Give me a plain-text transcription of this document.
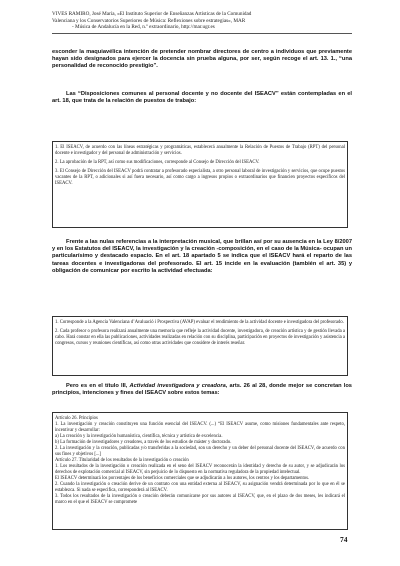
VIVES RAMIRO, José María, «El Instituto Superior de Enseñanzas Artísticas de la Comunidad
Valenciana y los Conservatorios Superiores de Música: Reflexiones sobre estrategias», MAR
- Música de Andalucía en la Red, n.º extraordinario, http://mar.ugr.es
esconder la maquiavélica intención de pretender nombrar directores de centro a individuos que previamente hayan sido designados para ejercer la docencia sin prueba alguna, por ser, según recoge el art. 13. 1., “una personalidad de reconocido prestigio”.
Las “Disposiciones comunes al personal docente y no docente del ISEACV” están contempladas en el art. 18, que trata de la relación de puestos de trabajo:

1. El ISEACV, de acuerdo con las líneas estratégicas y programáticas, establecerá anualmente la Relación de Puestos de Trabajo (RPT) del personal docente e investigador y del personal de administración y servicios.

2. La aprobación de la RPT, así como sus modificaciones, corresponde al Consejo de Dirección del ISEACV.

3. El Consejo de Dirección del ISEACV podrá contratar a profesorado especialista, a otro personal laboral de investigación y servicios, que ocupe puestos vacantes de la RPT, o adicionales si así fuera necesario, así como cargo a ingresos propios o extraordinarios que financien proyectos específicos del ISEACV.

Frente a las nulas referencias a la interpretación musical, que brillan así por su ausencia en la Ley 8/2007 y en los Estatutos del ISEACV, la investigación y la creación -composición, en el caso de la Música- ocupan un particularísimo y destacado espacio. En el art. 18 apartado 5 se indica que el ISEACV hará el reparto de las tareas docentes e investigadoras del profesorado. El art. 15 incide en la evaluación (también el art. 35) y obligación de comunicar por escrito la actividad efectuada:

1. Corresponde a la Agencia Valenciana d’Avaluació i Prospectiva (AVAP) evaluar el rendimiento de la actividad docente e investigadora del profesorado.

2. Cada profesor o profesora realizará anualmente una memoria que refleje la actividad docente, investigadora, de creación artística y de gestión llevada a cabo. Hará constar en ella las publicaciones, actividades realizadas en relación con su disciplina, participación en proyectos de investigación y asistencia a congresos, cursos y reuniones científicas, así como otras actividades que considere de interés reseñar.

Pero es en el título III, Actividad investigadora y creadora, arts. 26 al 28, donde mejor se concretan los principios, intenciones y fines del ISEACV sobre estos temas:

Artículo 26. Principios

1. La investigación y creación constituyen una función esencial del ISEACV. (...) “El ISEACV asume, como misiones fundamentales ante respeto, incentivar y desarrollar:

a) La creación y la investigación humanística, científica, técnica y artística de excelencia.

b) La formación de investigadores y creadores, a través de los estudios de máster y doctorado.

2. La investigación y la creación, publicadas y/o transferidas a la sociedad, son un derecho y un deber del personal docente del ISEACV, de acuerdo con sus fines y objetivos [...]

Artículo 27. Titularidad de los resultados de la investigación o creación

1. Los resultados de la investigación o creación realizada en el seno del ISEACV reconocerán la identidad y derecho de su autor, y se adjudicarán los derechos de explotación comercial al ISEACV, sin perjuicio de lo dispuesto en la normativa reguladora de la propiedad intelectual.

El ISEACV determinará los porcentajes de los beneficios comerciales que se adjudicarán a los autores, los centros y los departamentos.

2. Cuando la investigación o creación derive de un contrato con una entidad externa al ISEACV, su asignación vendrá determinada por lo que en él se establezca. Si nada se especifica, corresponderá al ISEACV.

3. Todos los resultados de la investigación o creación deberán comunicarse por sus autores al ISEACV, que, en el plazo de dos meses, les indicará el marco en el que el ISEACV se compromete

74
